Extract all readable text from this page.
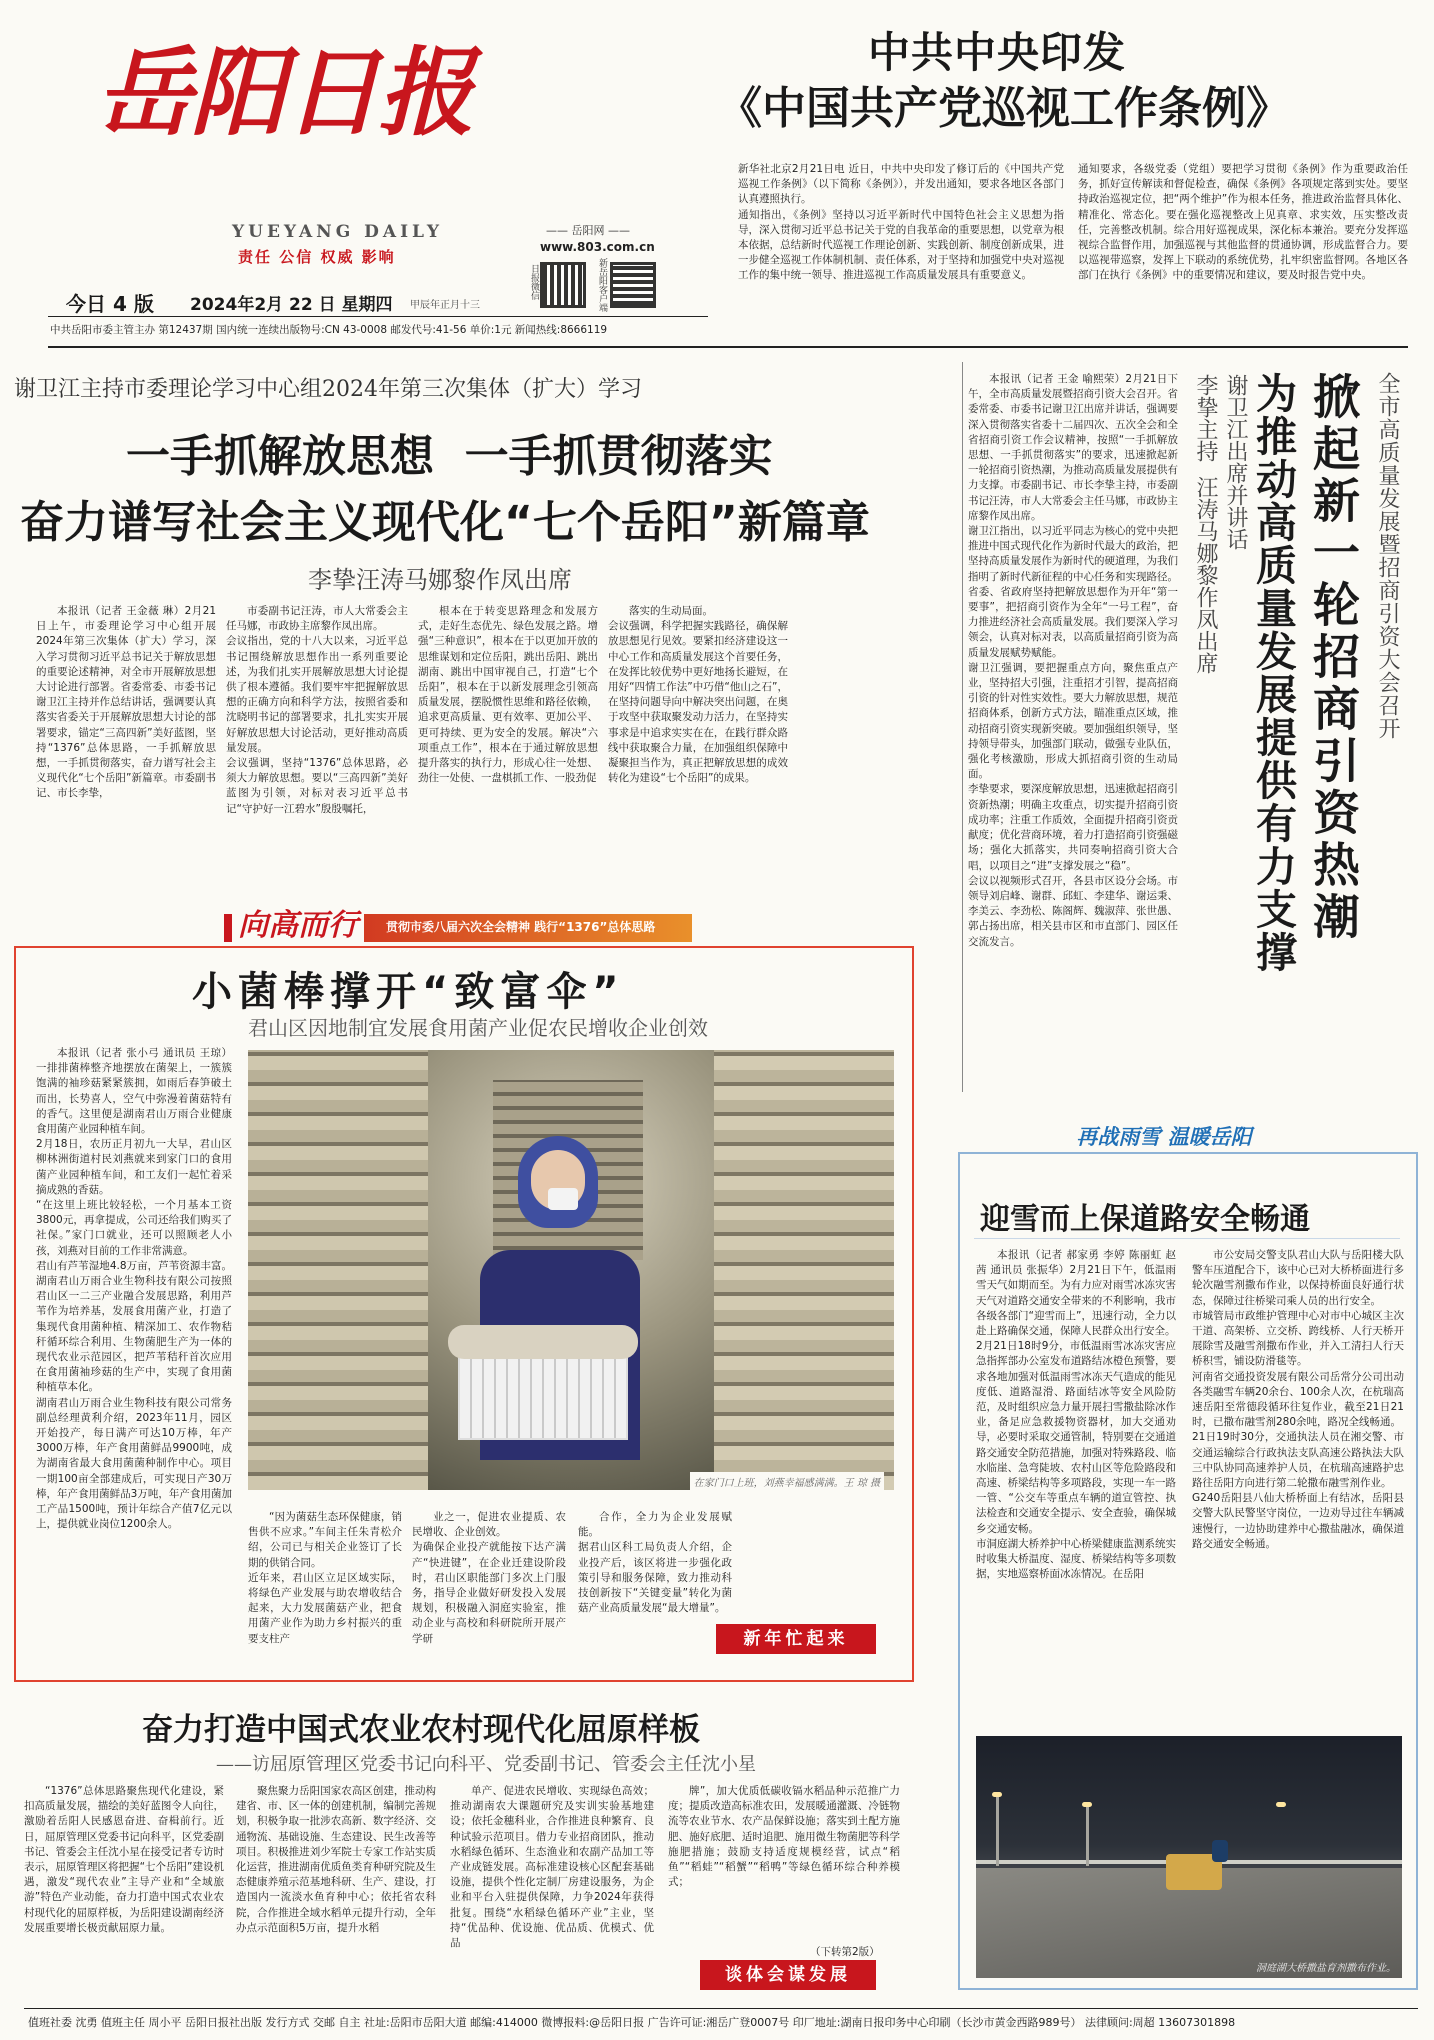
岳阳日报
YUEYANG DAILY
责任 公信 权威 影响
—— 岳阳网 ——
www.803.com.cn
日报微信	新岳阳客户端
今日 4 版 2024年2月 22 日 星期四 甲辰年正月十三
中共岳阳市委主管主办 第12437期 国内统一连续出版物号:CN 43-0008 邮发代号:41-56 单价:1元 新闻热线:8666119
中共中央印发
《中国共产党巡视工作条例》
新华社北京2月21日电 近日，中共中央印发了修订后的《中国共产党巡视工作条例》（以下简称《条例》），并发出通知，要求各地区各部门认真遵照执行。
通知指出，《条例》坚持以习近平新时代中国特色社会主义思想为指导，深入贯彻习近平总书记关于党的自我革命的重要思想，以党章为根本依据，总结新时代巡视工作理论创新、实践创新、制度创新成果，进一步健全巡视工作体制机制、责任体系，对于坚持和加强党中央对巡视工作的集中统一领导、推进巡视工作高质量发展具有重要意义。
通知要求，各级党委（党组）要把学习贯彻《条例》作为重要政治任务，抓好宣传解读和督促检查，确保《条例》各项规定落到实处。要坚持政治巡视定位，把“两个维护”作为根本任务，推进政治监督具体化、精准化、常态化。要在强化巡视整改上见真章、求实效，压实整改责任，完善整改机制。综合用好巡视成果，深化标本兼治。要充分发挥巡视综合监督作用，加强巡视与其他监督的贯通协调，形成监督合力。要以巡视带巡察，发挥上下联动的系统优势，扎牢织密监督网。各地区各部门在执行《条例》中的重要情况和建议，要及时报告党中央。
谢卫江主持市委理论学习中心组2024年第三次集体（扩大）学习
一手抓解放思想  一手抓贯彻落实
奋力谱写社会主义现代化“七个岳阳”新篇章
李挚汪涛马娜黎作凤出席

本报讯（记者 王金薇 琳）2月21日上午，市委理论学习中心组开展2024年第三次集体（扩大）学习，深入学习贯彻习近平总书记关于解放思想的重要论述精神，对全市开展解放思想大讨论进行部署。省委常委、市委书记谢卫江主持并作总结讲话，强调要认真落实省委关于开展解放思想大讨论的部署要求，锚定“三高四新”美好蓝图，坚持“1376”总体思路，一手抓解放思想，一手抓贯彻落实，奋力谱写社会主义现代化“七个岳阳”新篇章。市委副书记、市长李挚，

市委副书记汪涛，市人大常委会主任马娜，市政协主席黎作凤出席。
会议指出，党的十八大以来，习近平总书记围绕解放思想作出一系列重要论述，为我们扎实开展解放思想大讨论提供了根本遵循。我们要牢牢把握解放思想的正确方向和科学方法，按照省委和沈晓明书记的部署要求，扎扎实实开展好解放思想大讨论活动，更好推动高质量发展。
会议强调，坚持“1376”总体思路，必须大力解放思想。要以“三高四新”美好蓝图为引领，对标对表习近平总书记“守护好一江碧水”殷殷嘱托，

根本在于转变思路理念和发展方式，走好生态优先、绿色发展之路。增强“三种意识”，根本在于以更加开放的思维谋划和定位岳阳，跳出岳阳、跳出湖南、跳出中国审视自己，打造“七个岳阳”，根本在于以新发展理念引领高质量发展，摆脱惯性思维和路径依赖，追求更高质量、更有效率、更加公平、更可持续、更为安全的发展。解决“六项重点工作”，根本在于通过解放思想提升落实的执行力，形成心往一处想、劲往一处使、一盘棋抓工作、一股劲促

落实的生动局面。
会议强调，科学把握实践路径，确保解放思想见行见效。要紧扣经济建设这一中心工作和高质量发展这个首要任务，在发挥比较优势中更好地扬长避短，在用好“四情工作法”中巧借“他山之石”，在坚持问题导向中解决突出问题，在奥于攻坚中获取聚发动力活力，在坚持实事求是中追求实实在在，在践行群众路线中获取聚合力量，在加强组织保障中凝聚担当作为，真正把解放思想的成效转化为建设“七个岳阳”的成果。

本报讯（记者 王金 喻熙荣）2月21日下午，全市高质量发展暨招商引资大会召开。省委常委、市委书记谢卫江出席并讲话，强调要深入贯彻落实省委十二届四次、五次全会和全省招商引资工作会议精神，按照“一手抓解放思想、一手抓贯彻落实”的要求，迅速掀起新一轮招商引资热潮，为推动高质量发展提供有力支撑。市委副书记、市长李挚主持，市委副书记汪涛，市人大常委会主任马娜，市政协主席黎作凤出席。
谢卫江指出，以习近平同志为核心的党中央把推进中国式现代化作为新时代最大的政治，把坚持高质量发展作为新时代的硬道理，为我们指明了新时代新征程的中心任务和实现路径。省委、省政府坚持把解放思想作为开年“第一要事”，把招商引资作为全年“一号工程”，奋力推进经济社会高质量发展。我们要深入学习领会，认真对标对表，以高质量招商引资为高质量发展赋势赋能。
谢卫江强调，要把握重点方向，聚焦重点产业，坚持招大引强，注重招才引智，提高招商引资的针对性实效性。要大力解放思想，规范招商体系，创新方式方法，瞄准重点区域，推动招商引资实现新突破。要加强组织领导，坚持领导带头，加强部门联动，做强专业队伍，强化考核激励，形成大抓招商引资的生动局面。
李挚要求，要深度解放思想，迅速掀起招商引资新热潮；明确主攻重点，切实提升招商引资成功率；注重工作质效，全面提升招商引资贡献度；优化营商环境，着力打造招商引资强磁场；强化大抓落实，共同奏响招商引资大合唱，以项目之“进”支撑发展之“稳”。
会议以视频形式召开，各县市区设分会场。市领导刘启峰、谢群、邱虹、李建华、谢运秉、李美云、李劲松、陈阁辉、魏淑萍、张世愚、郭占扬出席，相关县市区和市直部门、园区任交流发言。

李挚主持  汪涛马娜黎作凤出席 谢卫江出席并讲话 为推动高质量发展提供有力支撑 掀起新一轮招商引资热潮 全市高质量发展暨招商引资大会召开
向高而行	贯彻市委八届六次全会精神 践行“1376”总体思路
小菌棒撑开“致富伞”
君山区因地制宜发展食用菌产业促农民增收企业创效

本报讯（记者 张小弓 通讯员 王琼）一排排菌棒整齐地摆放在菌架上，一簇簇饱满的袖珍菇紧紧簇拥，如雨后春笋破土而出，长势喜人，空气中弥漫着菌菇特有的香气。这里便是湖南君山万雨合业健康食用菌产业园种植车间。
2月18日，农历正月初九一大早，君山区柳林洲街道村民刘燕就来到家门口的食用菌产业园种植车间，和工友们一起忙着采摘成熟的香菇。
“在这里上班比较轻松，一个月基本工资3800元，再拿提成，公司还给我们购买了社保。”家门口就业，还可以照顾老人小孩，刘燕对目前的工作非常满意。
君山有芦苇湿地4.8万亩，芦苇资源丰富。湖南君山万雨合业生物科技有限公司按照君山区一二三产业融合发展思路，利用芦苇作为培养基，发展食用菌产业，打造了集现代食用菌种植、精深加工、农作物秸秆循环综合利用、生物菌肥生产为一体的现代农业示范园区，把芦苇秸秆首次应用在食用菌袖珍菇的生产中，实现了食用菌种植草本化。
湖南君山万雨合业生物科技有限公司常务副总经理黄利介绍，2023年11月，园区开始投产，每日满产可达10万棒，年产3000万棒，年产食用菌鲜品9900吨，成为湖南省最大食用菌菌种制作中心。项目一期100亩全部建成后，可实现日产30万棒，年产食用菌鲜品3万吨，年产食用菌加工产品1500吨，预计年综合产值7亿元以上，提供就业岗位1200余人。

在家门口上班，刘燕幸福感满满。王 琼 摄

“因为菌菇生态环保健康，销售供不应求。”车间主任朱青松介绍，公司已与相关企业签订了长期的供销合同。
近年来，君山区立足区域实际，将绿色产业发展与助农增收结合起来，大力发展菌菇产业，把食用菌产业作为助力乡村振兴的重要支柱产

业之一，促进农业提质、农民增收、企业创效。
为确保企业投产就能按下达产满产“快进键”，在企业迁建设阶段时，君山区职能部门多次上门服务，指导企业做好研发投入发展规划，积极融入洞庭实验室，推动企业与高校和科研院所开展产学研

合作，全力为企业发展赋能。
据君山区科工局负责人介绍，企业投产后，该区将进一步强化政策引导和服务保障，致力推动科技创新按下“关键变量”转化为菌菇产业高质量发展“最大增量”。

新年忙起来
再战雨雪 温暖岳阳
迎雪而上保道路安全畅通

本报讯（记者 郝家勇 李婷 陈丽虹 赵茜 通讯员 张振华）2月21日下午，低温雨雪天气如期而至。为有力应对雨雪冰冻灾害天气对道路交通安全带来的不利影响，我市各级各部门“迎雪而上”，迅速行动，全力以赴上路确保交通，保障人民群众出行安全。
2月21日18时9分，市低温雨雪冰冻灾害应急指挥部办公室发布道路结冰橙色预警，要求各地加强对低温雨雪冰冻天气造成的能见度低、道路湿滑、路面结冰等安全风险防范，及时组织应急力量开展扫雪撒盐除冰作业，备足应急救援物资器材，加大交通劝导，必要时采取交通管制，特别要在交通道路交通安全防范措施，加强对特殊路段、临水临崖、急弯陡坡、农村山区等危险路段和高速、桥梁结构等多项路段，实现一车一路一管、“公交车等重点车辆的道宣管控、执法检查和交通安全提示、安全查验，确保城乡交通安畅。
市洞庭湖大桥养护中心桥梁健康监测系统实时收集大桥温度、湿度、桥梁结构等多项数据，实地巡察桥面冰冻情况。在岳阳

市公安局交警支队君山大队与岳阳楼大队警车压道配合下，该中心已对大桥桥面进行多轮次融雪剂撒布作业，以保持桥面良好通行状态，保障过往桥梁司乘人员的出行安全。
市城管局市政维护管理中心对市中心城区主次干道、高架桥、立交桥、跨线桥、人行天桥开展除雪及融雪剂撒布作业，并入工清扫人行天桥积雪，铺设防滑毯等。
河南省交通投资发展有限公司岳常分公司出动各类融雪车辆20余台、100余人次，在杭瑞高速岳阳至常德段循环往复作业，截至21日21时，已撒布融雪剂280余吨，路况全线畅通。
21日19时30分，交通执法人员在湘交警、市交通运输综合行政执法支队高速公路执法大队三中队协同高速养护人员，在杭瑞高速路护忠路往岳阳方向进行第二轮撒布融雪剂作业。
G240岳阳县八仙大桥桥面上有结冰，岳阳县交警大队民警坚守岗位，一边劝导过往车辆减速慢行，一边协助建养中心撒盐融冰，确保道路交通安全畅通。

洞庭湖大桥撒盐育剂撒布作业。
奋力打造中国式农业农村现代化屈原样板
——访屈原管理区党委书记向科平、党委副书记、管委会主任沈小星

“1376”总体思路聚焦现代化建设，紧扣高质量发展，描绘的美好蓝图令人向往，激励着岳阳人民感恩奋进、奋楫前行。近日，屈原管理区党委书记向科平，区党委副书记、管委会主任沈小星在接受记者专访时表示，屈原管理区将把握“七个岳阳”建设机遇，激发“现代农业”主导产业和“全域旅游”特色产业动能，奋力打造中国式农业农村现代化的屈原样板，为岳阳建设湖南经济发展重要增长极贡献屈原力量。

聚焦聚力岳阳国家农高区创建，推动构建省、市、区一体的创建机制，编制完善规划，积极争取一批涉农高新、数字经济、交通物流、基础设施、生态建设、民生改善等项目。积极推进刘少军院士专家工作站实质化运营，推进湖南优质鱼类育种研究院及生态健康养殖示范基地科研、生产、建设，打造国内一流淡水鱼育种中心；依托省农科院，合作推进全域水稻单元提升行动，全年办点示范面积5万亩，提升水稻

单产、促进农民增收、实现绿色高效；推动湖南农大课题研究及实训实验基地建设；依托金穗科业，合作推进良种繁育、良种试验示范项目。借力专业招商团队，推动水稻绿色循环、生态渔业和农副产品加工等产业成链发展。高标准建设核心区配套基础设施，提供个性化定制厂房建设服务，为企业和平台入驻提供保障，力争2024年获得批复。围绕“水稻绿色循环产业”主业，坚持“优品种、优设施、优品质、优模式、优品

牌”，加大优质低碳收镉水稻品种示范推广力度；提质改造高标准农田，发展暖通灌溉、冷链物流等农业节水、农产品保鲜设施；落实到土配方施肥、施好底肥、适时追肥、施用微生物菌肥等科学施肥措施；鼓励支持适度规模经营，试点“稻鱼”“稻蛙”“稻蟹”“稻鸭”等绿色循环综合种养模式；

（下转第2版）
谈体会谋发展
值班社委 沈勇 值班主任 周小平 岳阳日报社出版 发行方式 交邮 自主 社址:岳阳市岳阳大道 邮编:414000 微博报料:@岳阳日报 广告许可证:湘岳广登0007号 印厂地址:湖南日报印务中心印刷（长沙市黄金西路989号） 法律顾问:周超 13607301898
